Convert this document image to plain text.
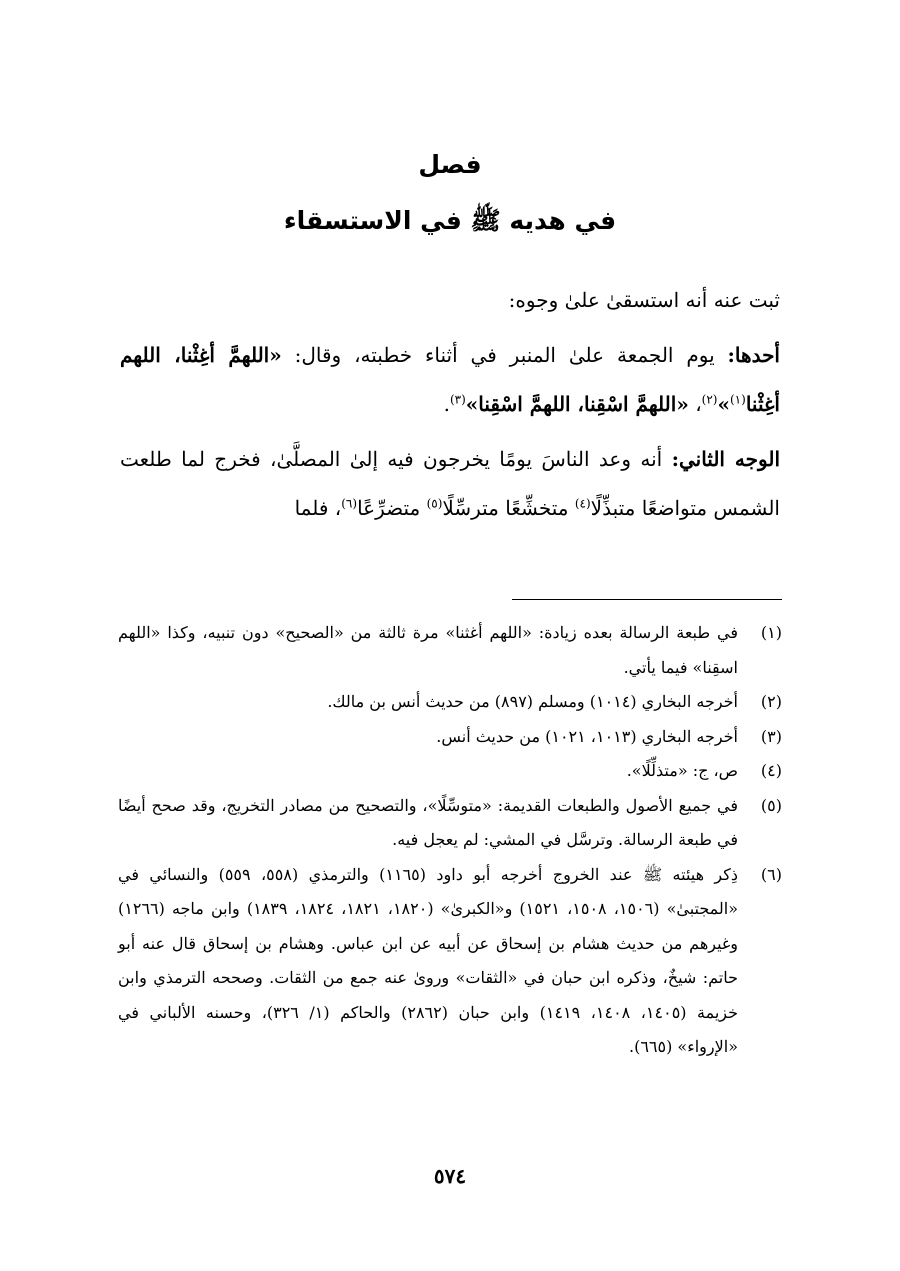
فصل
في هديه ﷺ في الاستسقاء

ثبت عنه أنه استسقىٰ علىٰ وجوه:

أحدها: يوم الجمعة علىٰ المنبر في أثناء خطبته، وقال: «اللهمَّ أغِثْنا، اللهم أغِثْنا$^{(١)}$»$^{(٢)}$، «اللهمَّ اسْقِنا، اللهمَّ اسْقِنا»$^{(٣)}$.

الوجه الثاني: أنه وعد الناسَ يومًا يخرجون فيه إلىٰ المصلَّىٰ، فخرج لما طلعت الشمس متواضعًا متبذِّلًا$^{(٤)}$ متخشِّعًا مترسِّلًا$^{(٥)}$ متضرِّعًا$^{(٦)}$، فلما

(١)
في طبعة الرسالة بعده زيادة: «اللهم أغثنا» مرة ثالثة من «الصحيح» دون تنبيه، وكذا «اللهم اسقِنا» فيما يأتي.
(٢)
أخرجه البخاري (١٠١٤) ومسلم (٨٩٧) من حديث أنس بن مالك.
(٣)
أخرجه البخاري (١٠١٣، ١٠٢١) من حديث أنس.
(٤)
ص، ج: «متذلِّلًا».
(٥)
في جميع الأصول والطبعات القديمة: «متوسِّلًا»، والتصحيح من مصادر التخريج، وقد صحح أيضًا في طبعة الرسالة. وترسَّل في المشي: لم يعجل فيه.
(٦)
ذِكر هيئته ﷺ عند الخروج أخرجه أبو داود (١١٦٥) والترمذي (٥٥٨، ٥٥٩) والنسائي في «المجتبىٰ» (١٥٠٦، ١٥٠٨، ١٥٢١) و«الكبرىٰ» (١٨٢٠، ١٨٢١، ١٨٢٤، ١٨٣٩) وابن ماجه (١٢٦٦) وغيرهم من حديث هشام بن إسحاق عن أبيه عن ابن عباس. وهشام بن إسحاق قال عنه أبو حاتم: شيخٌ، وذكره ابن حبان في «الثقات» وروىٰ عنه جمع من الثقات. وصححه الترمذي وابن خزيمة (١٤٠٥، ١٤٠٨، ١٤١٩) وابن حبان (٢٨٦٢) والحاكم (١/ ٣٢٦)، وحسنه الألباني في «الإرواء» (٦٦٥).
٥٧٤
